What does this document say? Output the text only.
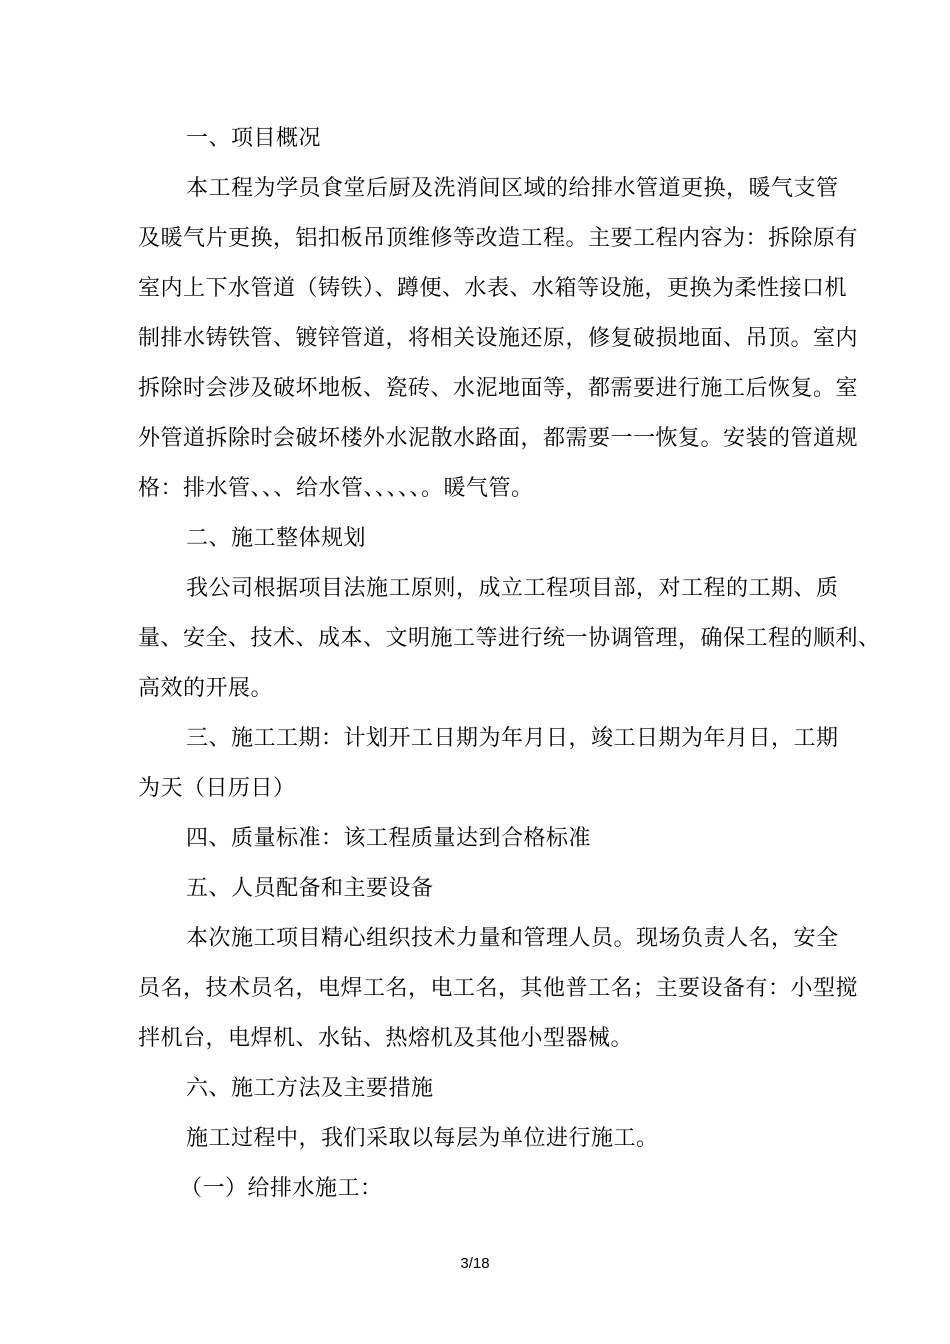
一、项目概况
本工程为学员食堂后厨及洗消间区域的给排水管道更换，暖气支管
及暖气片更换，铝扣板吊顶维修等改造工程。主要工程内容为：拆除原有
室内上下水管道（铸铁）、蹲便、水表、水箱等设施，更换为柔性接口机
制排水铸铁管、镀锌管道，将相关设施还原，修复破损地面、吊顶。室内
拆除时会涉及破坏地板、瓷砖、水泥地面等，都需要进行施工后恢复。室
外管道拆除时会破坏楼外水泥散水路面，都需要一一恢复。安装的管道规
格：排水管、、、给水管、、、、、。暖气管。
二、施工整体规划
我公司根据项目法施工原则，成立工程项目部，对工程的工期、质
量、安全、技术、成本、文明施工等进行统一协调管理，确保工程的顺利、
高效的开展。
三、施工工期：计划开工日期为年月日，竣工日期为年月日，工期
为天（日历日）
四、质量标准：该工程质量达到合格标准
五、人员配备和主要设备
本次施工项目精心组织技术力量和管理人员。现场负责人名，安全
员名，技术员名，电焊工名，电工名，其他普工名；主要设备有：小型搅
拌机台，电焊机、水钻、热熔机及其他小型器械。
六、施工方法及主要措施
施工过程中，我们采取以每层为单位进行施工。
（一）给排水施工：
3/18
